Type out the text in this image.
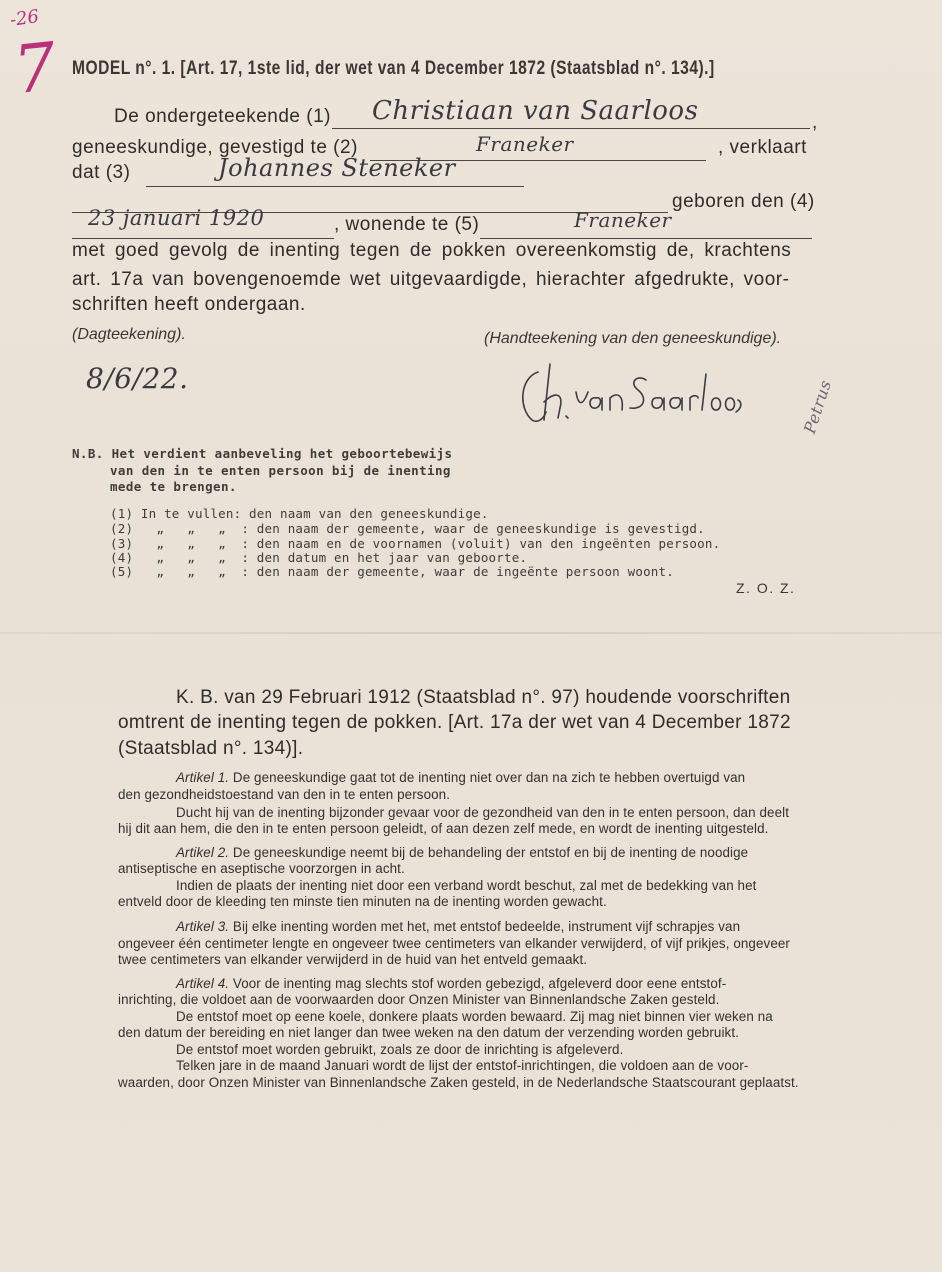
-26
7
Petrus
MODEL n°. 1. [Art. 17, 1ste lid, der wet van 4 December 1872 (Staatsblad n°. 134).]
De ondergeteekende (1) Christiaan van Saarloos	,
geneeskundige, gevestigd te (2)	Franeker	, verklaart
dat (3)	Johannes Steneker
geboren den (4)
23 januari 1920	, wonende te (5)	Franeker
met goed gevolg de inenting tegen de pokken overeenkomstig de, krachtens
art. 17a van bovengenoemde wet uitgevaardigde, hierachter afgedrukte, voor-
schriften heeft ondergaan.
(Dagteekening).
8/6/22.
(Handteekening van den geneeskundige).
N.B. Het verdient aanbeveling het geboortebewijs
van den in te enten persoon bij de inenting
mede te brengen.
(1) In te vullen: den naam van den geneeskundige.
(2)   „   „   „  : den naam der gemeente, waar de geneeskundige is gevestigd.
(3)   „   „   „  : den naam en de voornamen (voluit) van den ingeënten persoon.
(4)   „   „   „  : den datum en het jaar van geboorte.
(5)   „   „   „  : den naam der gemeente, waar de ingeënte persoon woont.
Z. O. Z.
K. B. van 29 Februari 1912 (Staatsblad n°. 97) houdende voorschriften
omtrent de inenting tegen de pokken. [Art. 17a der wet van 4 December 1872
(Staatsblad n°. 134)].
Artikel 1. De geneeskundige gaat tot de inenting niet over dan na zich te hebben overtuigd van
den gezondheidstoestand van den in te enten persoon.
Ducht hij van de inenting bijzonder gevaar voor de gezondheid van den in te enten persoon, dan deelt
hij dit aan hem, die den in te enten persoon geleidt, of aan dezen zelf mede, en wordt de inenting uitgesteld.
Artikel 2. De geneeskundige neemt bij de behandeling der entstof en bij de inenting de noodige
antiseptische en aseptische voorzorgen in acht.
Indien de plaats der inenting niet door een verband wordt beschut, zal met de bedekking van het
entveld door de kleeding ten minste tien minuten na de inenting worden gewacht.
Artikel 3. Bij elke inenting worden met het, met entstof bedeelde, instrument vijf schrapjes van
ongeveer één centimeter lengte en ongeveer twee centimeters van elkander verwijderd, of vijf prikjes, ongeveer
twee centimeters van elkander verwijderd in de huid van het entveld gemaakt.
Artikel 4. Voor de inenting mag slechts stof worden gebezigd, afgeleverd door eene entstof-
inrichting, die voldoet aan de voorwaarden door Onzen Minister van Binnenlandsche Zaken gesteld.
De entstof moet op eene koele, donkere plaats worden bewaard. Zij mag niet binnen vier weken na
den datum der bereiding en niet langer dan twee weken na den datum der verzending worden gebruikt.
De entstof moet worden gebruikt, zoals ze door de inrichting is afgeleverd.
Telken jare in de maand Januari wordt de lijst der entstof-inrichtingen, die voldoen aan de voor-
waarden, door Onzen Minister van Binnenlandsche Zaken gesteld, in de Nederlandsche Staatscourant geplaatst.
